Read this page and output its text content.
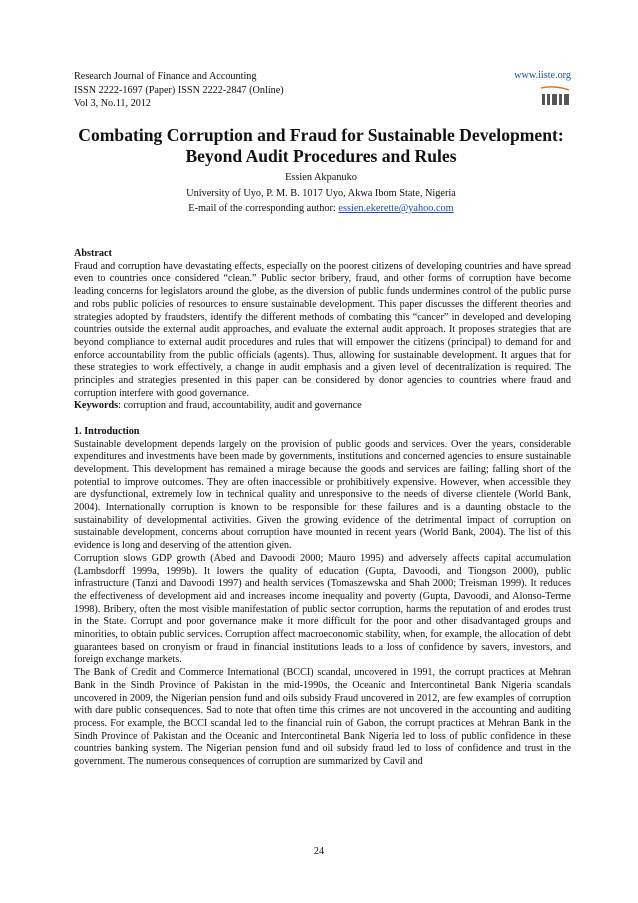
Research Journal of Finance and Accounting
ISSN 2222-1697 (Paper) ISSN 2222-2847 (Online)
Vol 3, No.11, 2012
www.iiste.org
Combating Corruption and Fraud for Sustainable Development:
Beyond Audit Procedures and Rules
Essien Akpanuko
University of Uyo, P. M. B. 1017 Uyo, Akwa Ibom State, Nigeria
E-mail of the corresponding author: essien.ekerette@yahoo.com

Abstract

Fraud and corruption have devastating effects, especially on the poorest citizens of developing countries and have spread even to countries once considered “clean.” Public sector bribery, fraud, and other forms of corruption have become leading concerns for legislators around the globe, as the diversion of public funds undermines control of the public purse and robs public policies of resources to ensure sustainable development. This paper discusses the different theories and strategies adopted by fraudsters, identify the different methods of combating this “cancer” in developed and developing countries outside the external audit approaches, and evaluate the external audit approach. It proposes strategies that are beyond compliance to external audit procedures and rules that will empower the citizens (principal) to demand for and enforce accountability from the public officials (agents). Thus, allowing for sustainable development. It argues that for these strategies to work effectively, a change in audit emphasis and a given level of decentralization is required. The principles and strategies presented in this paper can be considered by donor agencies to countries where fraud and corruption interfere with good governance.

Keywords: corruption and fraud, accountability, audit and governance

1. Introduction

Sustainable development depends largely on the provision of public goods and services. Over the years, considerable expenditures and investments have been made by governments, institutions and concerned agencies to ensure sustainable development. This development has remained a mirage because the goods and services are failing; falling short of the potential to improve outcomes. They are often inaccessible or prohibitively expensive. However, when accessible they are dysfunctional, extremely low in technical quality and unresponsive to the needs of diverse clientele (World Bank, 2004). Internationally corruption is known to be responsible for these failures and is a daunting obstacle to the sustainability of developmental activities. Given the growing evidence of the detrimental impact of corruption on sustainable development, concerns about corruption have mounted in recent years (World Bank, 2004). The list of this evidence is long and deserving of the attention given.

Corruption slows GDP growth (Abed and Davoodi 2000; Mauro 1995) and adversely affects capital accumulation (Lambsdorff 1999a, 1999b). It lowers the quality of education (Gupta, Davoodi, and Tiongson 2000), public infrastructure (Tanzi and Davoodi 1997) and health services (Tomaszewska and Shah 2000; Treisman 1999). It reduces the effectiveness of development aid and increases income inequality and poverty (Gupta, Davoodi, and Alonso-Terme 1998). Bribery, often the most visible manifestation of public sector corruption, harms the reputation of and erodes trust in the State. Corrupt and poor governance make it more difficult for the poor and other disadvantaged groups and minorities, to obtain public services. Corruption affect macroeconomic stability, when, for example, the allocation of debt guarantees based on cronyism or fraud in financial institutions leads to a loss of confidence by savers, investors, and foreign exchange markets.

The Bank of Credit and Commerce International (BCCI) scandal, uncovered in 1991, the corrupt practices at Mehran Bank in the Sindh Province of Pakistan in the mid-1990s, the Oceanic and Intercontinetal Bank Nigeria scandals uncovered in 2009, the Nigerian pension fund and oils subsidy Fraud uncovered in 2012, are few examples of corruption with dare public consequences. Sad to note that often time this crimes are not uncovered in the accounting and auditing process. For example, the BCCI scandal led to the financial ruin of Gabon, the corrupt practices at Mehran Bank in the Sindh Province of Pakistan and the Oceanic and Intercontinetal Bank Nigeria led to loss of public confidence in these countries banking system. The Nigerian pension fund and oil subsidy fraud led to loss of confidence and trust in the government. The numerous consequences of corruption are summarized by Cavil and

24
